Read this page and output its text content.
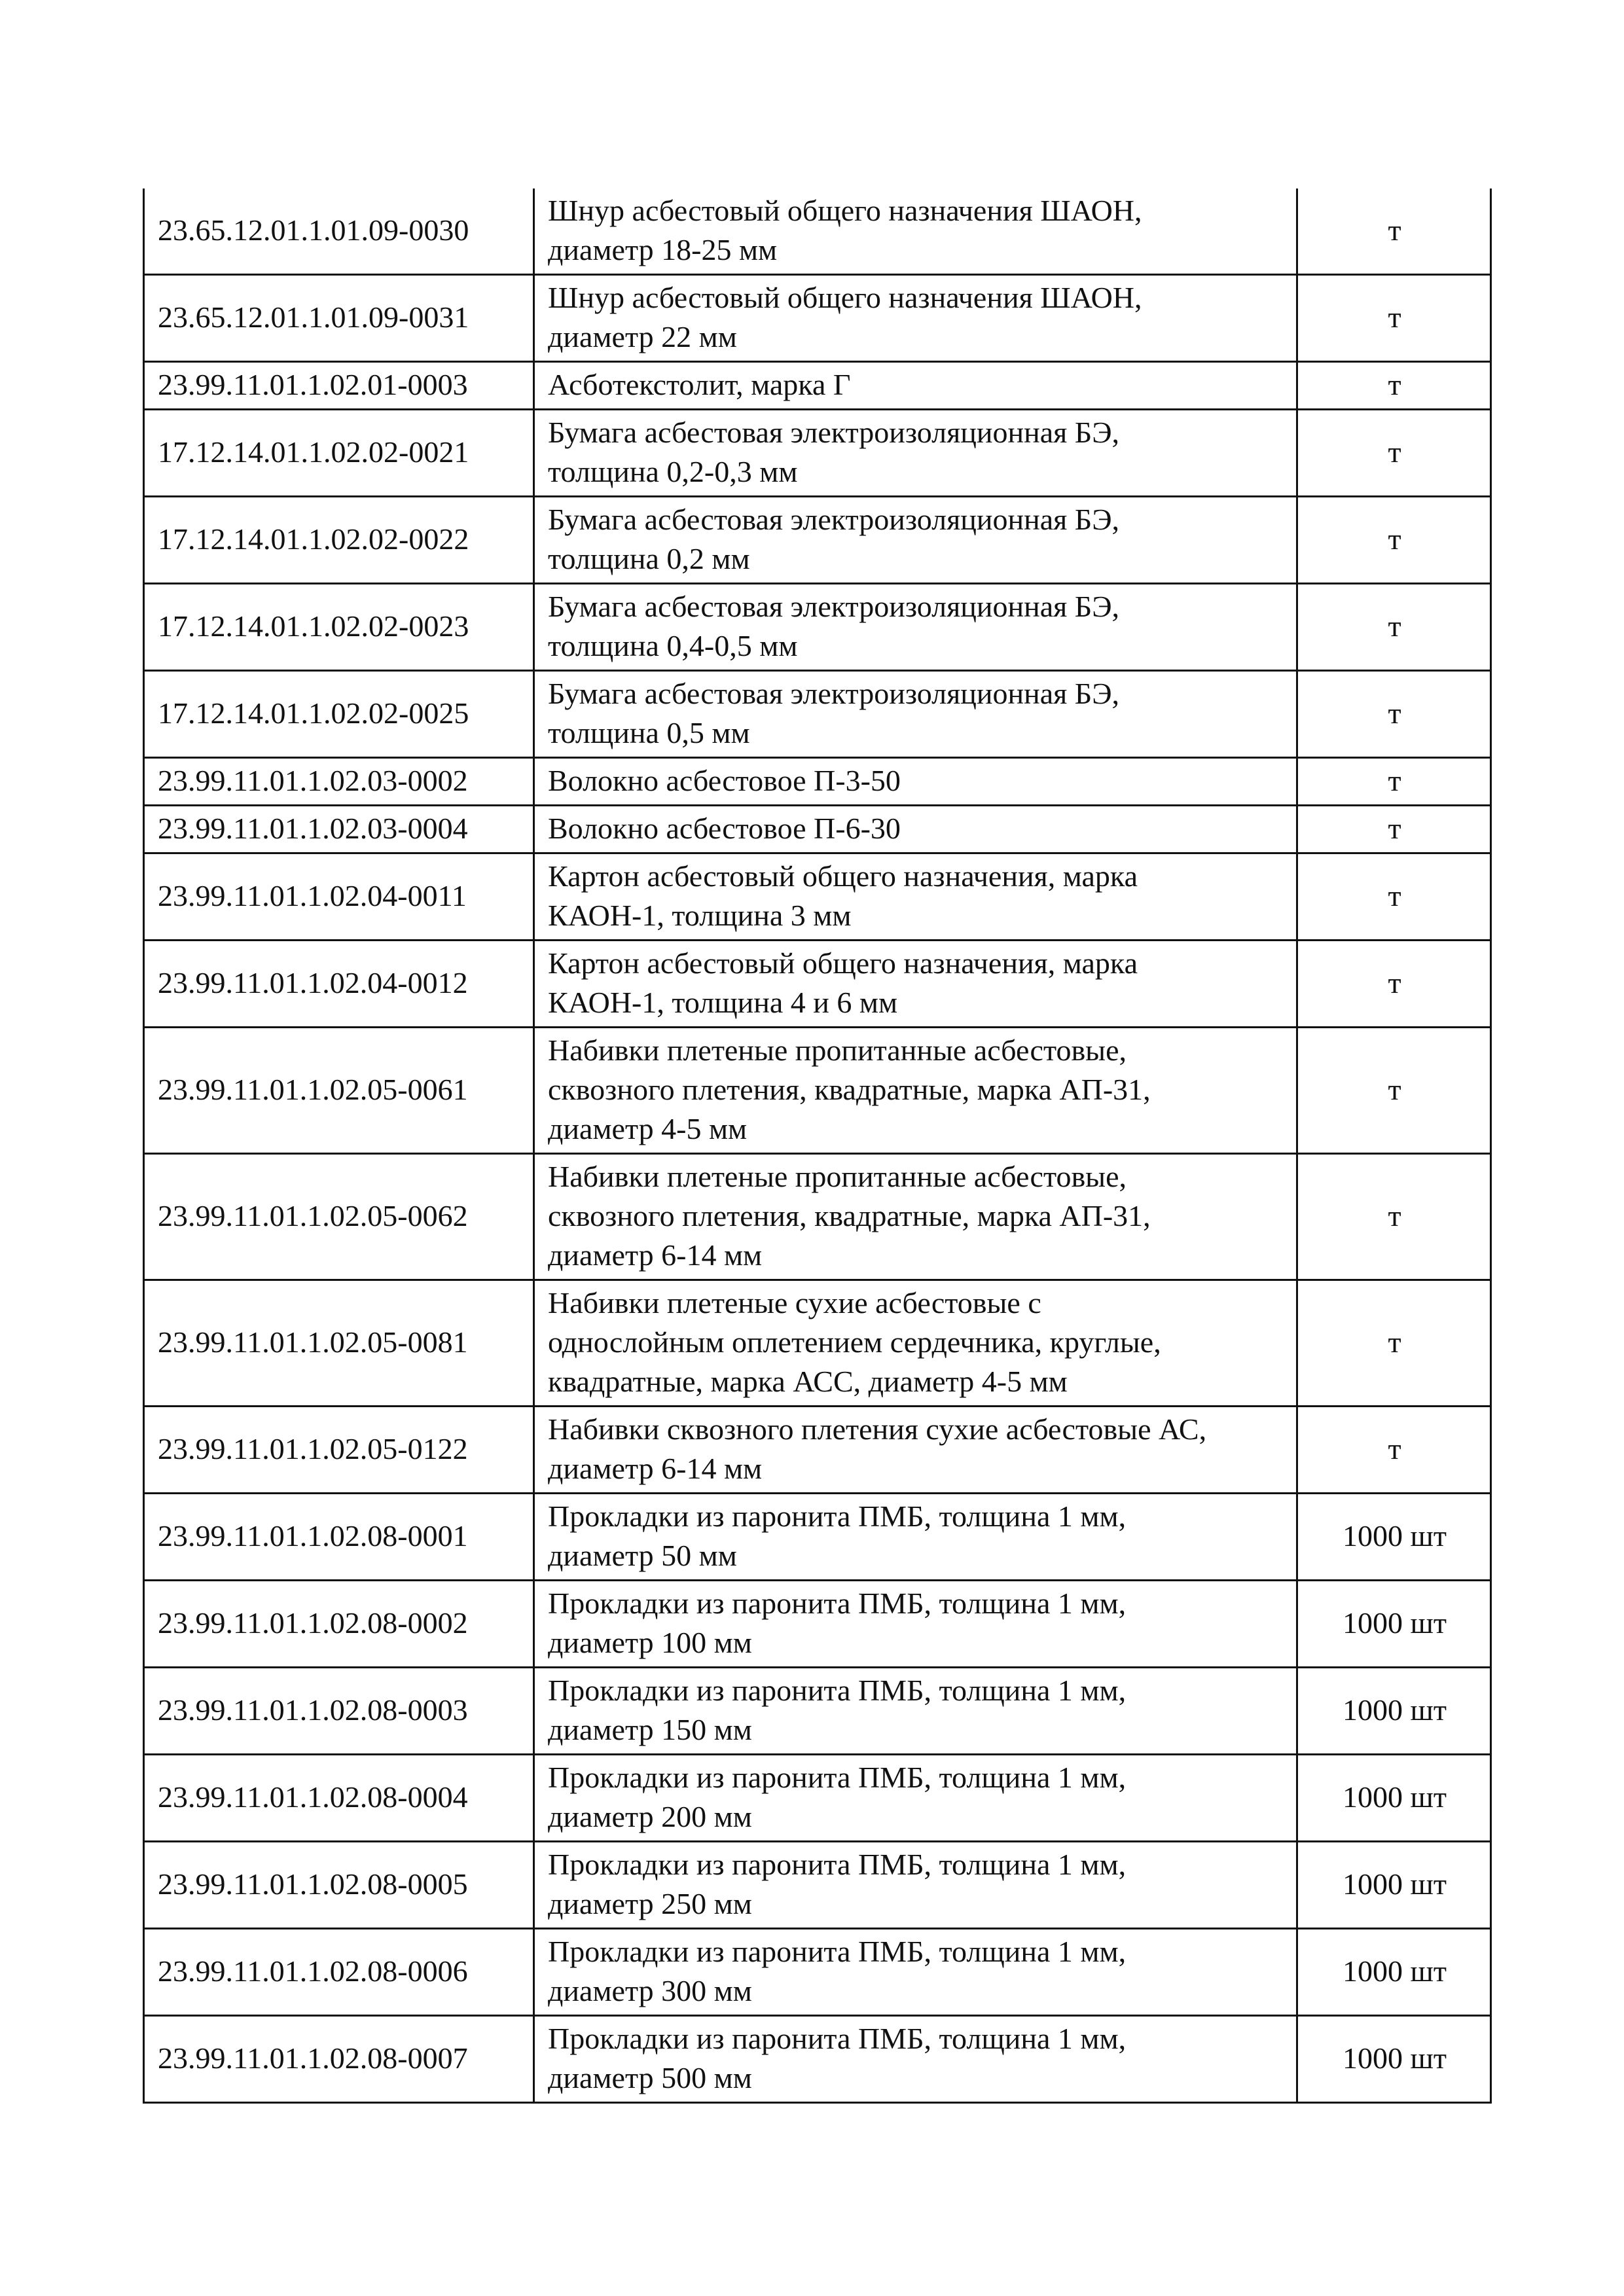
23.65.12.01.1.01.09-0030	Шнур асбестовый общего назначения ШАОН,
диаметр 18-25 мм	т
23.65.12.01.1.01.09-0031	Шнур асбестовый общего назначения ШАОН,
диаметр 22 мм	т
23.99.11.01.1.02.01-0003	Асботекстолит, марка Г	т
17.12.14.01.1.02.02-0021	Бумага асбестовая электроизоляционная БЭ,
толщина 0,2-0,3 мм	т
17.12.14.01.1.02.02-0022	Бумага асбестовая электроизоляционная БЭ,
толщина 0,2 мм	т
17.12.14.01.1.02.02-0023	Бумага асбестовая электроизоляционная БЭ,
толщина 0,4-0,5 мм	т
17.12.14.01.1.02.02-0025	Бумага асбестовая электроизоляционная БЭ,
толщина 0,5 мм	т
23.99.11.01.1.02.03-0002	Волокно асбестовое П-3-50	т
23.99.11.01.1.02.03-0004	Волокно асбестовое П-6-30	т
23.99.11.01.1.02.04-0011	Картон асбестовый общего назначения, марка
КАОН-1, толщина 3 мм	т
23.99.11.01.1.02.04-0012	Картон асбестовый общего назначения, марка
КАОН-1, толщина 4 и 6 мм	т
23.99.11.01.1.02.05-0061	Набивки плетеные пропитанные асбестовые,
сквозного плетения, квадратные, марка АП-31,
диаметр 4-5 мм	т
23.99.11.01.1.02.05-0062	Набивки плетеные пропитанные асбестовые,
сквозного плетения, квадратные, марка АП-31,
диаметр 6-14 мм	т
23.99.11.01.1.02.05-0081	Набивки плетеные сухие асбестовые с
однослойным оплетением сердечника, круглые,
квадратные, марка АСС, диаметр 4-5 мм	т
23.99.11.01.1.02.05-0122	Набивки сквозного плетения сухие асбестовые АС,
диаметр 6-14 мм	т
23.99.11.01.1.02.08-0001	Прокладки из паронита ПМБ, толщина 1 мм,
диаметр 50 мм	1000 шт
23.99.11.01.1.02.08-0002	Прокладки из паронита ПМБ, толщина 1 мм,
диаметр 100 мм	1000 шт
23.99.11.01.1.02.08-0003	Прокладки из паронита ПМБ, толщина 1 мм,
диаметр 150 мм	1000 шт
23.99.11.01.1.02.08-0004	Прокладки из паронита ПМБ, толщина 1 мм,
диаметр 200 мм	1000 шт
23.99.11.01.1.02.08-0005	Прокладки из паронита ПМБ, толщина 1 мм,
диаметр 250 мм	1000 шт
23.99.11.01.1.02.08-0006	Прокладки из паронита ПМБ, толщина 1 мм,
диаметр 300 мм	1000 шт
23.99.11.01.1.02.08-0007	Прокладки из паронита ПМБ, толщина 1 мм,
диаметр 500 мм	1000 шт
